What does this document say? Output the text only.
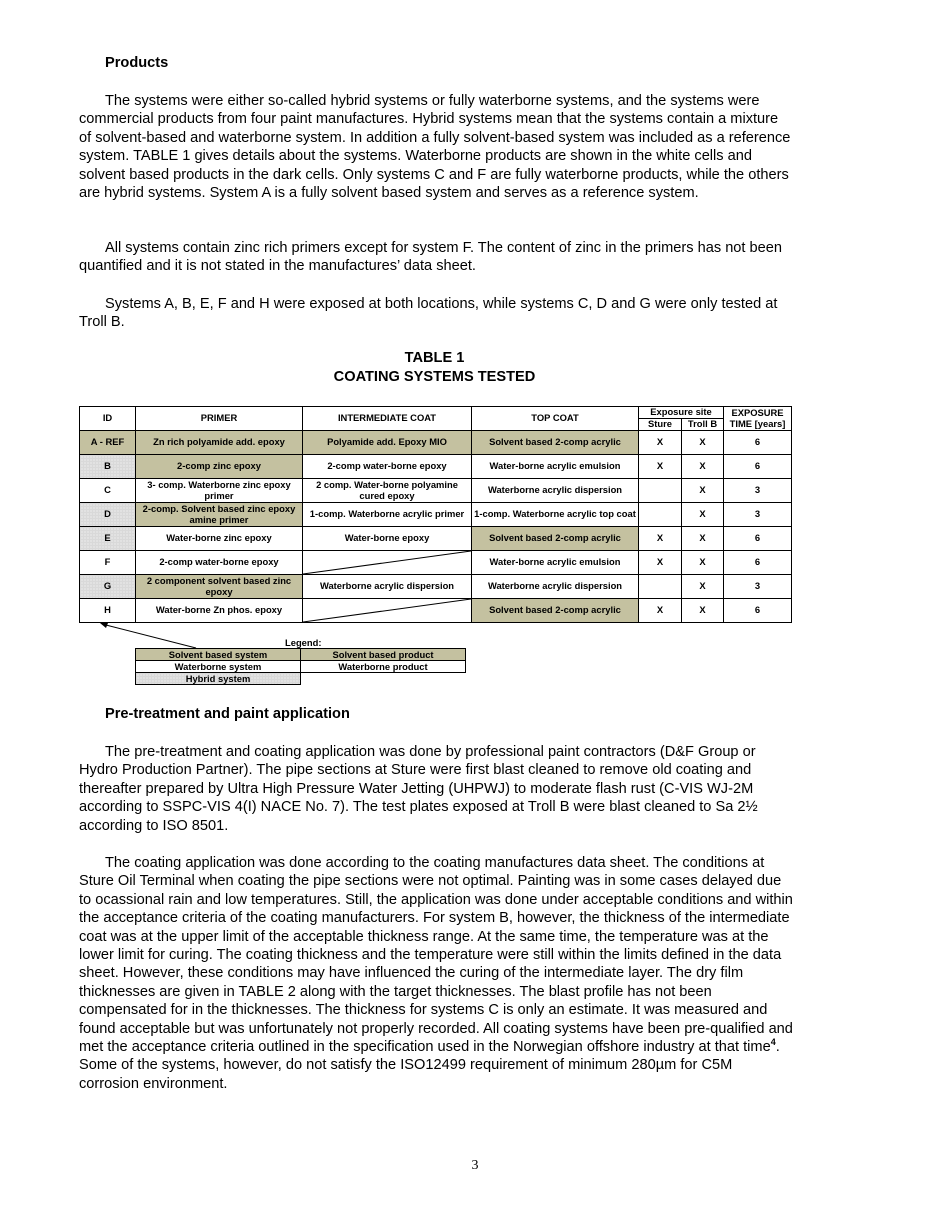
Products

The systems were either so-called hybrid systems or fully waterborne systems, and the systems were commercial products from four paint manufactures. Hybrid systems mean that the systems contain a mixture of solvent-based and waterborne system. In addition a fully solvent-based system was included as a reference system. TABLE 1 gives details about the systems. Waterborne products are shown in the white cells and solvent based products in the dark cells. Only systems C and F are fully waterborne products, while the others are hybrid systems. System A is a fully solvent based system and serves as a reference system.

All systems contain zinc rich primers except for system F. The content of zinc in the primers has not been quantified and it is not stated in the manufactures’ data sheet.

Systems A, B, E, F and H were exposed at both locations, while systems C, D and G were only tested at Troll B.

TABLE 1
COATING SYSTEMS TESTED
ID	PRIMER	INTERMEDIATE COAT	TOP COAT	Exposure site		EXPOSURE TIME [years]
				Sture	Troll B	
A - REF	Zn rich polyamide add. epoxy	Polyamide add. Epoxy MIO	Solvent based 2-comp acrylic	X	X	6
B	2-comp zinc epoxy	2-comp water-borne epoxy	Water-borne acrylic emulsion	X	X	6
C	3- comp. Waterborne zinc epoxy primer	2 comp. Water-borne polyamine cured epoxy	Waterborne acrylic dispersion		X	3
D	2-comp. Solvent based zinc epoxy amine primer	1-comp. Waterborne acrylic primer	1-comp. Waterborne acrylic top coat		X	3
E	Water-borne zinc epoxy	Water-borne epoxy	Solvent based 2-comp acrylic	X	X	6
F	2-comp water-borne epoxy		Water-borne acrylic emulsion	X	X	6
G	2 component solvent based zinc epoxy	Waterborne acrylic dispersion	Waterborne acrylic dispersion		X	3
H	Water-borne Zn phos. epoxy		Solvent based 2-comp acrylic	X	X	6
Legend:
Solvent based system	Solvent based product
Waterborne system	Waterborne product
Hybrid system	

Pre-treatment and paint application

The pre-treatment and coating application was done by professional paint contractors (D&F Group or Hydro Production Partner). The pipe sections at Sture were first blast cleaned to remove old coating and thereafter prepared by Ultra High Pressure Water Jetting (UHPWJ) to moderate flash rust (C-VIS WJ-2M according to SSPC-VIS 4(I) NACE No. 7). The test plates exposed at Troll B were blast cleaned to Sa 2½ according to ISO 8501.

The coating application was done according to the coating manufactures data sheet. The conditions at Sture Oil Terminal when coating the pipe sections were not optimal. Painting was in some cases delayed due to ocassional rain and low temperatures. Still, the application was done under acceptable conditions and within the acceptance criteria of the coating manufacturers. For system B, however, the thickness of the intermediate coat was at the upper limit of the acceptable thickness range. At the same time, the temperature was at the lower limit for curing. The coating thickness and the temperature were still within the limits defined in the data sheet. However, these conditions may have influenced the curing of the intermediate layer. The dry film thicknesses are given in TABLE 2 along with the target thicknesses. The blast profile has not been compensated for in the thicknesses. The thickness for systems C is only an estimate. It was measured and found acceptable but was unfortunately not properly recorded. All coating systems have been pre-qualified and met the acceptance criteria outlined in the specification used in the Norwegian offshore industry at that time$^4$. Some of the systems, however, do not satisfy the ISO12499 requirement of minimum 280µm for C5M corrosion environment.

3
